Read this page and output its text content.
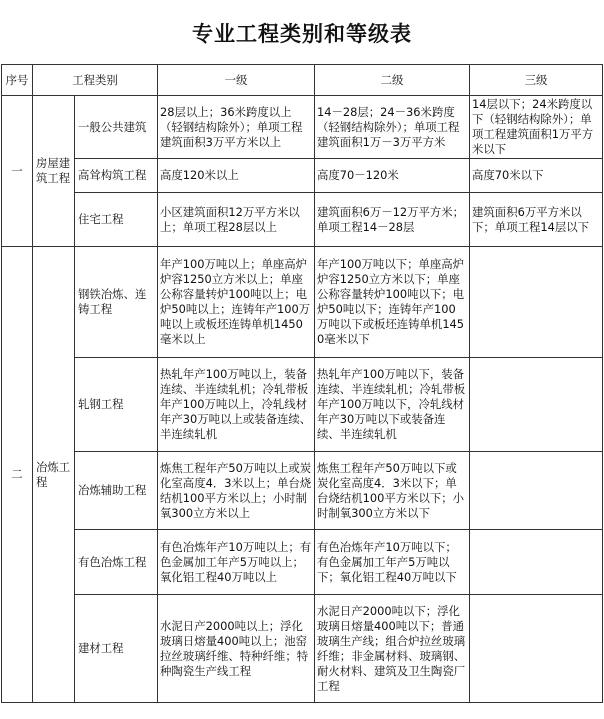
专业工程类别和等级表
序号	工程类别		一级	二级	三级
一	房屋建筑工程	一般公共建筑	28层以上；36米跨度以上（轻钢结构除外）；单项工程建筑面积3万平方米以上	14－28层；24－36米跨度（轻钢结构除外）；单项工程建筑面积1万－3万平方米	14层以下；24米跨度以下（轻钢结构除外）；单项工程建筑面积1万平方米以下
		高耸构筑工程	高度120米以上	高度70－120米	高度70米以下
		住宅工程	小区建筑面积12万平方米以上；单项工程28层以上	建筑面积6万－12万平方米；单项工程14－28层	建筑面积6万平方米以下；单项工程14层以下
二	冶炼工程	钢铁冶炼、连铸工程	年产100万吨以上；单座高炉炉容1250立方米以上；单座公称容量转炉100吨以上；电炉50吨以上；连铸年产100万吨以上或板坯连铸单机1450毫米以上	年产100万吨以下；单座高炉炉容1250立方米以下；单座公称容量转炉100吨以下；电炉50吨以下；连铸年产100万吨以下或板坯连铸单机1450毫米以下	
		轧钢工程	热轧年产100万吨以上，装备连续、半连续轧机；冷轧带板年产100万吨以上，冷轧线材年产30万吨以上或装备连续、半连续轧机	热轧年产100万吨以下，装备连续、半连续轧机；冷轧带板年产100万吨以下，冷轧线材年产30万吨以下或装备连续、半连续轧机	
		冶炼辅助工程	炼焦工程年产50万吨以上或炭化室高度4．3米以上；单台烧结机100平方米以上；小时制氧300立方米以上	炼焦工程年产50万吨以下或炭化室高度4．3米以下；单台烧结机100平方米以下；小时制氧300立方米以下	
		有色冶炼工程	有色冶炼年产10万吨以上；有色金属加工年产5万吨以上；氧化铝工程40万吨以上	有色冶炼年产10万吨以下；有色金属加工年产5万吨以下；氧化铝工程40万吨以下	
		建材工程	水泥日产2000吨以上；浮化玻璃日熔量400吨以上；池窑拉丝玻璃纤维、特种纤维；特种陶瓷生产线工程	水泥日产2000吨以下；浮化玻璃日熔量400吨以下；普通玻璃生产线；组合炉拉丝玻璃纤维；非金属材料、玻璃钢、耐火材料、建筑及卫生陶瓷厂工程	
